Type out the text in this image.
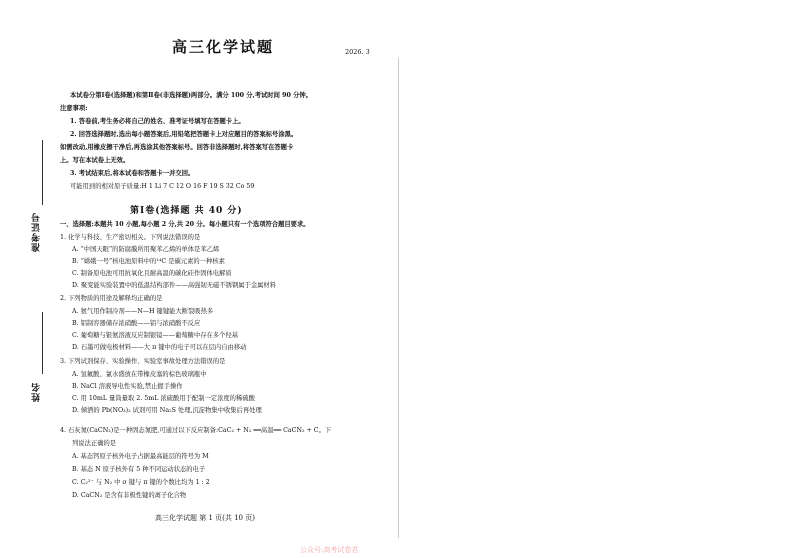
准考证号
姓名
高三化学试题	2026. 3
本试卷分第Ⅰ卷(选择题)和第Ⅱ卷(非选择题)两部分。满分 100 分,考试时间 90 分钟。
注意事项:
1. 答卷前,考生务必将自己的姓名、准考证号填写在答题卡上。
2. 回答选择题时,选出每小题答案后,用铅笔把答题卡上对应题目的答案标号涂黑。
如需改动,用橡皮擦干净后,再选涂其他答案标号。回答非选择题时,将答案写在答题卡
上。写在本试卷上无效。
3. 考试结束后,将本试卷和答题卡一并交回。
可能用到的相对原子质量:H 1 Li 7 C 12 O 16 F 19 S 32 Co 59
第Ⅰ卷(选择题 共 40 分)
一、选择题:本题共 10 小题,每小题 2 分,共 20 分。每小题只有一个选项符合题目要求。
1. 化学与科技、生产密切相关。下列说法错误的是
A. “中国天眼”的防腐膜所用聚苯乙烯的单体是苯乙烯
B. “嫦娥一号”核电池原料中的¹⁴C 是碳元素的一种核素
C. 制备原电池可用抗氧化且耐高温的碳化硅作固体电解质
D. 聚变能实验装置中的低温结构部件——高强韧无磁不锈钢属于金属材料
2. 下列物质的用途及解释均正确的是
A. 氨气用作制冷剂——N—H 键键能大断裂吸热多
B. 铝制容器储存浓硝酸——铝与浓硝酸不反应
C. 葡萄糖与银氨溶液反应制银镜——葡萄糖中存在多个羟基
D. 石墨可做电极材料——大 π 键中的电子可以在层内自由移动
3. 下列试剂保存、实验操作、实验室事故处理方法错误的是
A. 氢氟酸、氯水盛放在带橡皮塞的棕色玻璃瓶中
B. NaCl 溶液导电性实验,禁止握手操作
C. 用 10mL 量筒量取 2. 5mL 浓硫酸用于配制一定浓度的稀硫酸
D. 倾洒的 Pb(NO₃)₂ 试剂可用 Na₂S 处理,沉淀物集中收集后再处理
4. 石灰氮(CaCN₂)是一种固态氮肥,可通过以下反应制备:CaC₂ + N₂ ══高温══ CaCN₂ + C。下
列说法正确的是
A. 基态钙原子核外电子占据最高能层的符号为 M
B. 基态 N 原子核外有 5 种不同运动状态的电子
C. C₂²⁻ 与 N₂ 中 σ 键与 π 键的个数比均为 1 : 2
D. CaCN₂ 是含有非极性键的离子化合物
高三化学试题 第 1 页(共 10 页)
公众号:高考试卷君
